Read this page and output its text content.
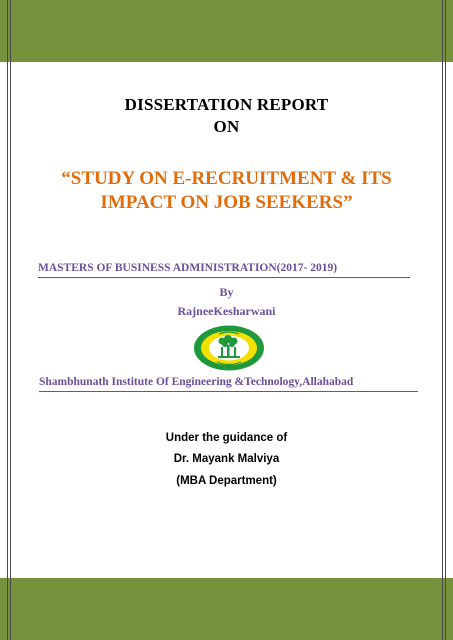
DISSERTATION REPORT
ON
“STUDY ON E-RECRUITMENT & ITS
IMPACT ON JOB SEEKERS”
MASTERS OF BUSINESS ADMINISTRATION(2017- 2019)
By
RajneeKesharwani
Shambhunath Institute Of Engineering &Technology,Allahabad
Under the guidance of
Dr. Mayank Malviya
(MBA Department)
